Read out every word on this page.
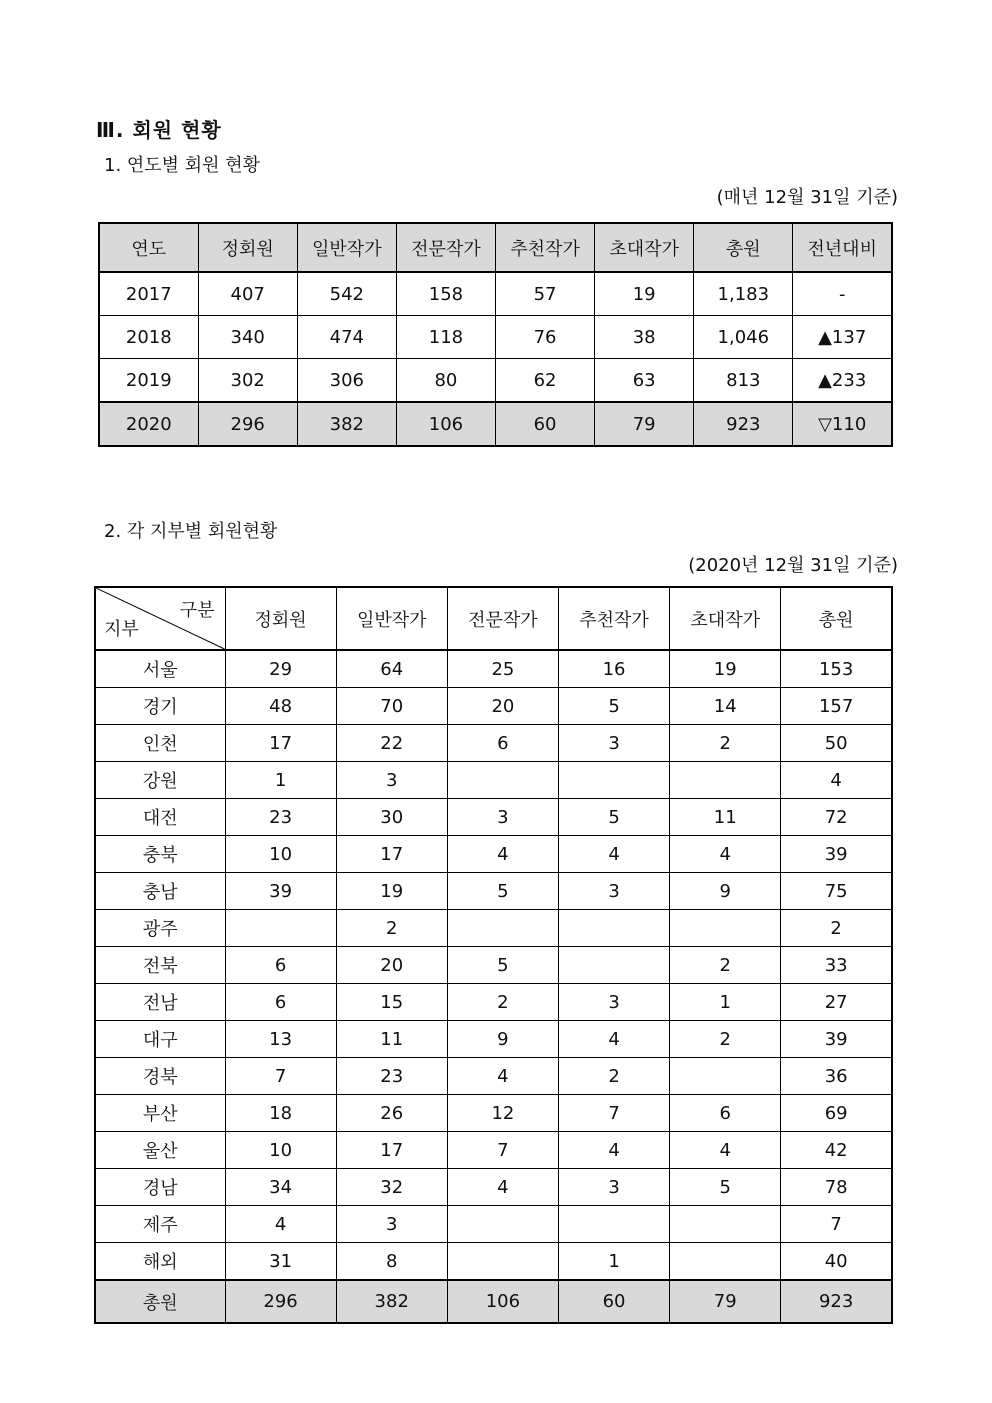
Ⅲ. 회원 현황
1. 연도별 회원 현황
(매년 12월 31일 기준)
연도	정회원	일반작가	전문작가	추천작가	초대작가	총원	전년대비
2017	407	542	158	57	19	1,183	-
2018	340	474	118	76	38	1,046	▲137
2019	302	306	80	62	63	813	▲233
2020	296	382	106	60	79	923	▽110
2. 각 지부별 회원현황
(2020년 12월 31일 기준)
구분
지부	정회원	일반작가	전문작가	추천작가	초대작가	총원
서울	29	64	25	16	19	153
경기	48	70	20	5	14	157
인천	17	22	6	3	2	50
강원	1	3				4
대전	23	30	3	5	11	72
충북	10	17	4	4	4	39
충남	39	19	5	3	9	75
광주		2				2
전북	6	20	5		2	33
전남	6	15	2	3	1	27
대구	13	11	9	4	2	39
경북	7	23	4	2		36
부산	18	26	12	7	6	69
울산	10	17	7	4	4	42
경남	34	32	4	3	5	78
제주	4	3				7
해외	31	8		1		40
총원	296	382	106	60	79	923
